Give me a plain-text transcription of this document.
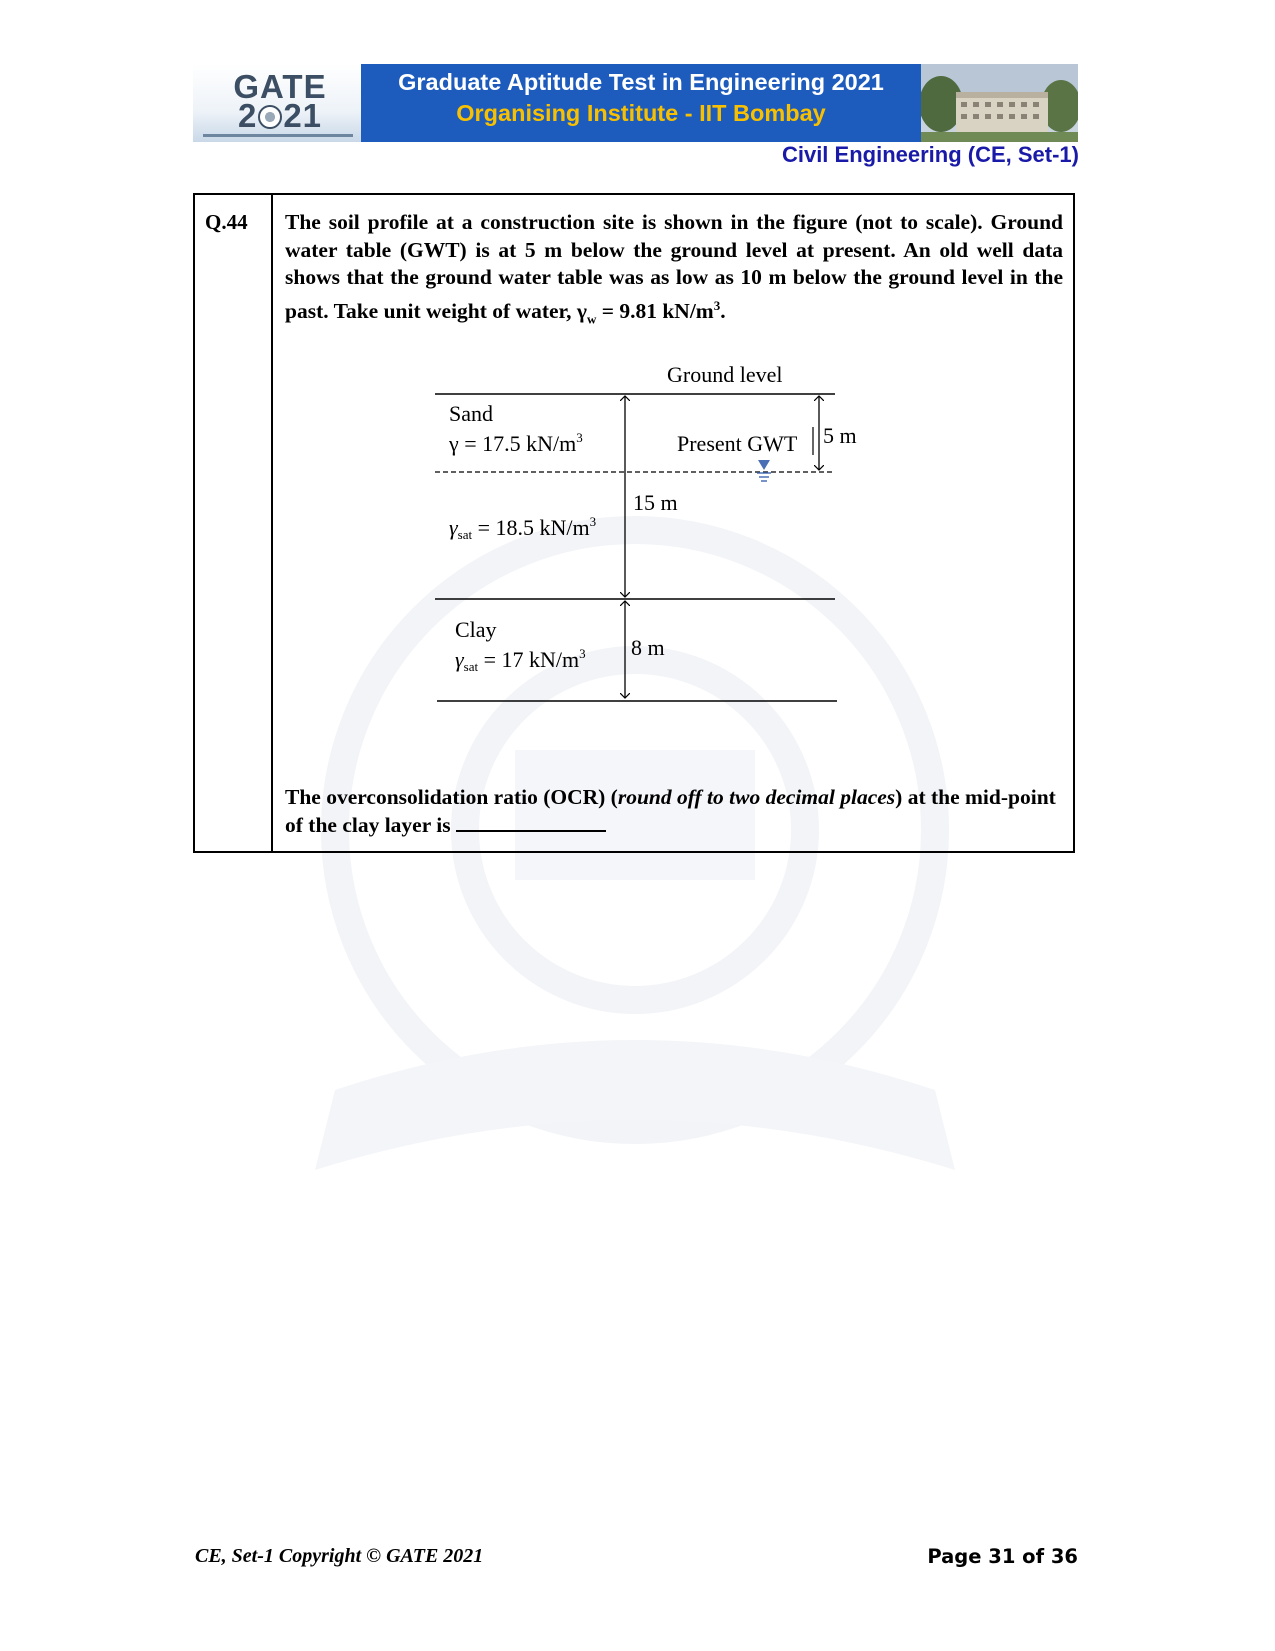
GATE
2 21
Graduate Aptitude Test in Engineering 2021
Organising Institute - IIT Bombay
Civil Engineering (CE, Set-1)
Q.44 The soil profile at a construction site is shown in the figure (not to scale). Ground water table (GWT) is at 5 m below the ground level at present. An old well data shows that the ground water table was as low as 10 m below the ground level in the past. Take unit weight of water, $\gamma_w = 9.81$ $kN/m^3$.
Ground level
Sand
γ = 17.5 $kN/m^3$	Present GWT 5 m
15 m
γsat = 18.5 $kN/m^3$
Clay
γsat = 17 $kN/m^3$ 8 m
The overconsolidation ratio (OCR) (round off to two decimal places) at the mid-point of the clay layer is
CE, Set-1 Copyright © GATE 2021	Page 31 of 36
